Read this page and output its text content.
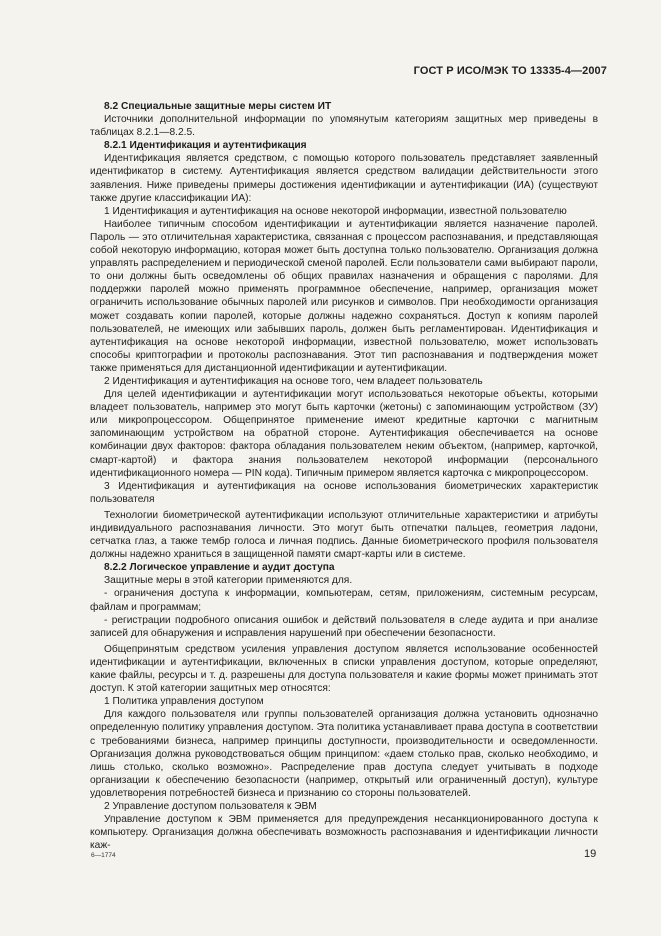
ГОСТ Р ИСО/МЭК ТО 13335-4—2007

8.2 Специальные защитные меры систем ИТ

Источники дополнительной информации по упомянутым категориям защитных мер приведены в таблицах 8.2.1—8.2.5.

8.2.1 Идентификация и аутентификация

Идентификация является средством, с помощью которого пользователь представляет заявленный идентификатор в систему. Аутентификация является средством валидации действительности этого заявления. Ниже приведены примеры достижения идентификации и аутентификации (ИА) (существуют также другие классификации ИА):

1 Идентификация и аутентификация на основе некоторой информации, известной пользователю

Наиболее типичным способом идентификации и аутентификации является назначение паролей. Пароль — это отличительная характеристика, связанная с процессом распознавания, и представляющая собой некоторую информацию, которая может быть доступна только пользователю. Организация должна управлять распределением и периодической сменой паролей. Если пользователи сами выбирают пароли, то они должны быть осведомлены об общих правилах назначения и обращения с паролями. Для поддержки паролей можно применять программное обеспечение, например, организация может ограничить использование обычных паролей или рисунков и символов. При необходимости организация может создавать копии паролей, которые должны надежно сохраняться. Доступ к копиям паролей пользователей, не имеющих или забывших пароль, должен быть регламентирован. Идентификация и аутентификация на основе некоторой информации, известной пользователю, может использовать способы криптографии и протоколы распознавания. Этот тип распознавания и подтверждения может также применяться для дистанционной идентификации и аутентификации.

2 Идентификация и аутентификация на основе того, чем владеет пользователь

Для целей идентификации и аутентификации могут использоваться некоторые объекты, которыми владеет пользователь, например это могут быть карточки (жетоны) с запоминающим устройством (ЗУ) или микропроцессором. Общепринятое применение имеют кредитные карточки с магнитным запоминающим устройством на обратной стороне. Аутентификация обеспечивается на основе комбинации двух факторов: фактора обладания пользователем неким объектом, (например, карточкой, смарт-картой) и фактора знания пользователем некоторой информации (персонального идентификационного номера — PIN кода). Типичным примером является карточка с микропроцессором.

3 Идентификация и аутентификация на основе использования биометрических характеристик пользователя

Технологии биометрической аутентификации используют отличительные характеристики и атрибуты индивидуального распознавания личности. Это могут быть отпечатки пальцев, геометрия ладони, сетчатка глаз, а также тембр голоса и личная подпись. Данные биометрического профиля пользователя должны надежно храниться в защищенной памяти смарт-карты или в системе.

8.2.2 Логическое управление и аудит доступа

Защитные меры в этой категории применяются для.

- ограничения доступа к информации, компьютерам, сетям, приложениям, системным ресурсам, файлам и программам;

- регистрации подробного описания ошибок и действий пользователя в следе аудита и при анализе записей для обнаружения и исправления нарушений при обеспечении безопасности.

Общепринятым средством усиления управления доступом является использование особенностей идентификации и аутентификации, включенных в списки управления доступом, которые определяют, какие файлы, ресурсы и т. д. разрешены для доступа пользователя и какие формы может принимать этот доступ. К этой категории защитных мер относятся:

1 Политика управления доступом

Для каждого пользователя или группы пользователей организация должна установить однозначно определенную политику управления доступом. Эта политика устанавливает права доступа в соответствии с требованиями бизнеса, например принципы доступности, производительности и осведомленности. Организация должна руководствоваться общим принципом: «даем столько прав, сколько необходимо, и лишь столько, сколько возможно». Распределение прав доступа следует учитывать в подходе организации к обеспечению безопасности (например, открытый или ограниченный доступ), культуре удовлетворения потребностей бизнеса и признанию со стороны пользователей.

2 Управление доступом пользователя к ЭВМ

Управление доступом к ЭВМ применяется для предупреждения несанкционированного доступа к компьютеру. Организация должна обеспечивать возможность распознавания и идентификации личности каж-

6—1774	19
